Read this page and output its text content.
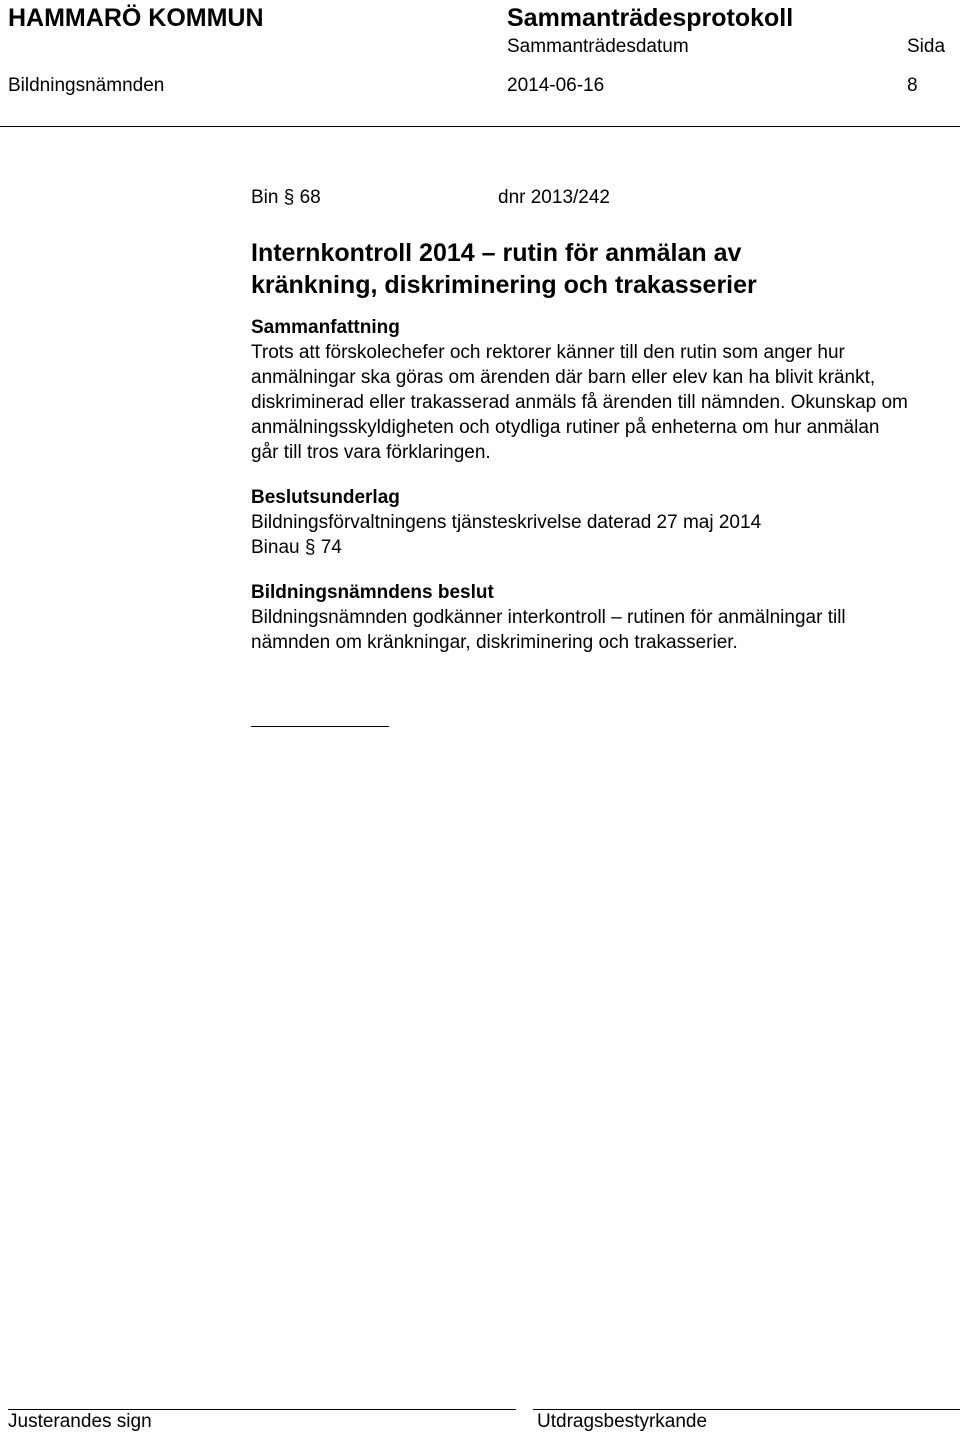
HAMMARÖ KOMMUN	Sammanträdesprotokoll
Sammanträdesdatum	Sida
Bildningsnämnden	2014-06-16	8
Bin § 68	dnr 2013/242
Internkontroll 2014 – rutin för anmälan av kränkning, diskriminering och trakasserier
Sammanfattning

Trots att förskolechefer och rektorer känner till den rutin som anger hur anmälningar ska göras om ärenden där barn eller elev kan ha blivit kränkt, diskriminerad eller trakasserad anmäls få ärenden till nämnden. Okunskap om anmälningsskyldigheten och otydliga rutiner på enheterna om hur anmälan går till tros vara förklaringen.

Beslutsunderlag

Bildningsförvaltningens tjänsteskrivelse daterad 27 maj 2014

Binau § 74

Bildningsnämndens beslut

Bildningsnämnden godkänner interkontroll – rutinen för anmälningar till nämnden om kränkningar, diskriminering och trakasserier.

Justerandes sign	Utdragsbestyrkande
